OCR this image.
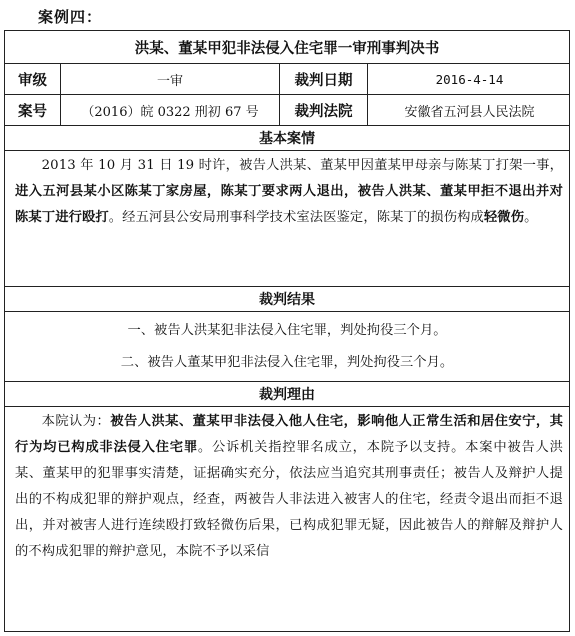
案例四：
洪某、董某甲犯非法侵入住宅罪一审刑事判决书
审级	一审	裁判日期	2016-4-14
案号	（2016）皖 0322 刑初 67 号	裁判法院	安徽省五河县人民法院
基本案情
2013 年 10 月 31 日 19 时许，被告人洪某、董某甲因董某甲母亲与陈某丁打架一事，进入五河县某小区陈某丁家房屋，陈某丁要求两人退出，被告人洪某、董某甲拒不退出并对陈某丁进行殴打。经五河县公安局刑事科学技术室法医鉴定，陈某丁的损伤构成轻微伤。
裁判结果
一、被告人洪某犯非法侵入住宅罪，判处拘役三个月。
二、被告人董某甲犯非法侵入住宅罪，判处拘役三个月。
裁判理由
本院认为：被告人洪某、董某甲非法侵入他人住宅，影响他人正常生活和居住安宁，其行为均已构成非法侵入住宅罪。公诉机关指控罪名成立，本院予以支持。本案中被告人洪某、董某甲的犯罪事实清楚，证据确实充分，依法应当追究其刑事责任；被告人及辩护人提出的不构成犯罪的辩护观点，经查，两被告人非法进入被害人的住宅，经责令退出而拒不退出，并对被害人进行连续殴打致轻微伤后果，已构成犯罪无疑，因此被告人的辩解及辩护人的不构成犯罪的辩护意见，本院不予以采信
